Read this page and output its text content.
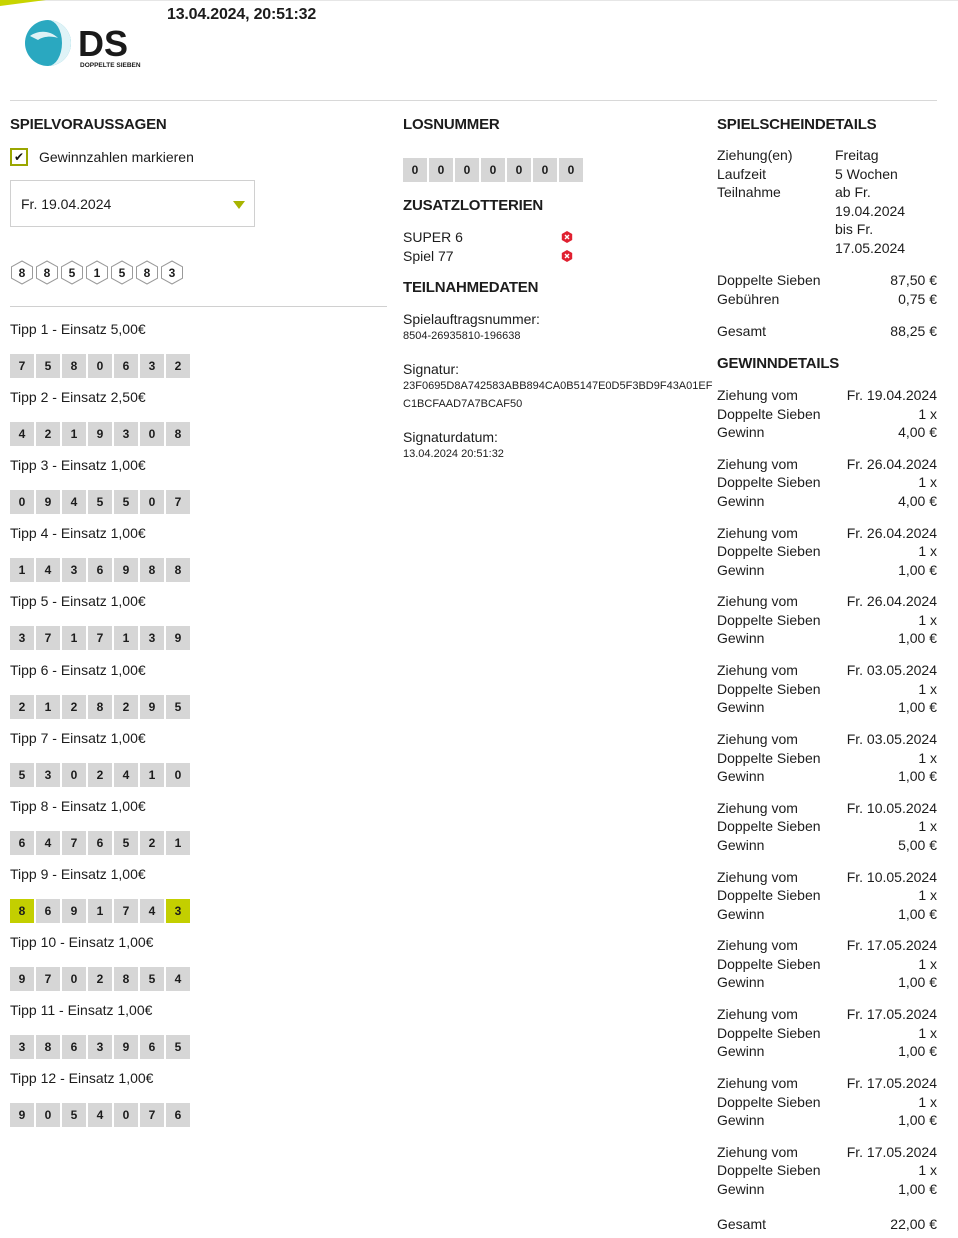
DS
DOPPELTE SIEBEN
13.04.2024, 20:51:32
SPIELVORAUSSAGEN
✔ Gewinnzahlen markieren
Fr. 19.04.2024
8 8 5 1 5 8 3
Tipp 1 - Einsatz 5,00€
7	5	8	0	6	3	2
Tipp 2 - Einsatz 2,50€
4	2	1	9	3	0	8
Tipp 3 - Einsatz 1,00€
0	9	4	5	5	0	7
Tipp 4 - Einsatz 1,00€
1	4	3	6	9	8	8
Tipp 5 - Einsatz 1,00€
3	7	1	7	1	3	9
Tipp 6 - Einsatz 1,00€
2	1	2	8	2	9	5
Tipp 7 - Einsatz 1,00€
5	3	0	2	4	1	0
Tipp 8 - Einsatz 1,00€
6	4	7	6	5	2	1
Tipp 9 - Einsatz 1,00€
8	6	9	1	7	4	3
Tipp 10 - Einsatz 1,00€
9	7	0	2	8	5	4
Tipp 11 - Einsatz 1,00€
3	8	6	3	9	6	5
Tipp 12 - Einsatz 1,00€
9	0	5	4	0	7	6
LOSNUMMER
0	0	0	0	0	0	0
ZUSATZLOTTERIEN
SUPER 6
Spiel 77
TEILNAHMEDATEN
Spielauftragsnummer:
8504-26935810-196638
Signatur:
23F0695D8A742583ABB894CA0B5147E0D5F3BD9F43A01EF
C1BCFAAD7A7BCAF50
Signaturdatum:
13.04.2024 20:51:32
SPIELSCHEINDETAILS
Ziehung(en)	Freitag
Laufzeit	5 Wochen
Teilnahme	ab Fr.
19.04.2024
bis Fr.
17.05.2024
Doppelte Sieben	87,50 €
Gebühren	0,75 €
Gesamt	88,25 €
GEWINNDETAILS
Ziehung vom	Fr. 19.04.2024
Doppelte Sieben	1 x
Gewinn	4,00 €
Ziehung vom	Fr. 26.04.2024
Doppelte Sieben	1 x
Gewinn	4,00 €
Ziehung vom	Fr. 26.04.2024
Doppelte Sieben	1 x
Gewinn	1,00 €
Ziehung vom	Fr. 26.04.2024
Doppelte Sieben	1 x
Gewinn	1,00 €
Ziehung vom	Fr. 03.05.2024
Doppelte Sieben	1 x
Gewinn	1,00 €
Ziehung vom	Fr. 03.05.2024
Doppelte Sieben	1 x
Gewinn	1,00 €
Ziehung vom	Fr. 10.05.2024
Doppelte Sieben	1 x
Gewinn	5,00 €
Ziehung vom	Fr. 10.05.2024
Doppelte Sieben	1 x
Gewinn	1,00 €
Ziehung vom	Fr. 17.05.2024
Doppelte Sieben	1 x
Gewinn	1,00 €
Ziehung vom	Fr. 17.05.2024
Doppelte Sieben	1 x
Gewinn	1,00 €
Ziehung vom	Fr. 17.05.2024
Doppelte Sieben	1 x
Gewinn	1,00 €
Ziehung vom	Fr. 17.05.2024
Doppelte Sieben	1 x
Gewinn	1,00 €
Gesamt	22,00 €
